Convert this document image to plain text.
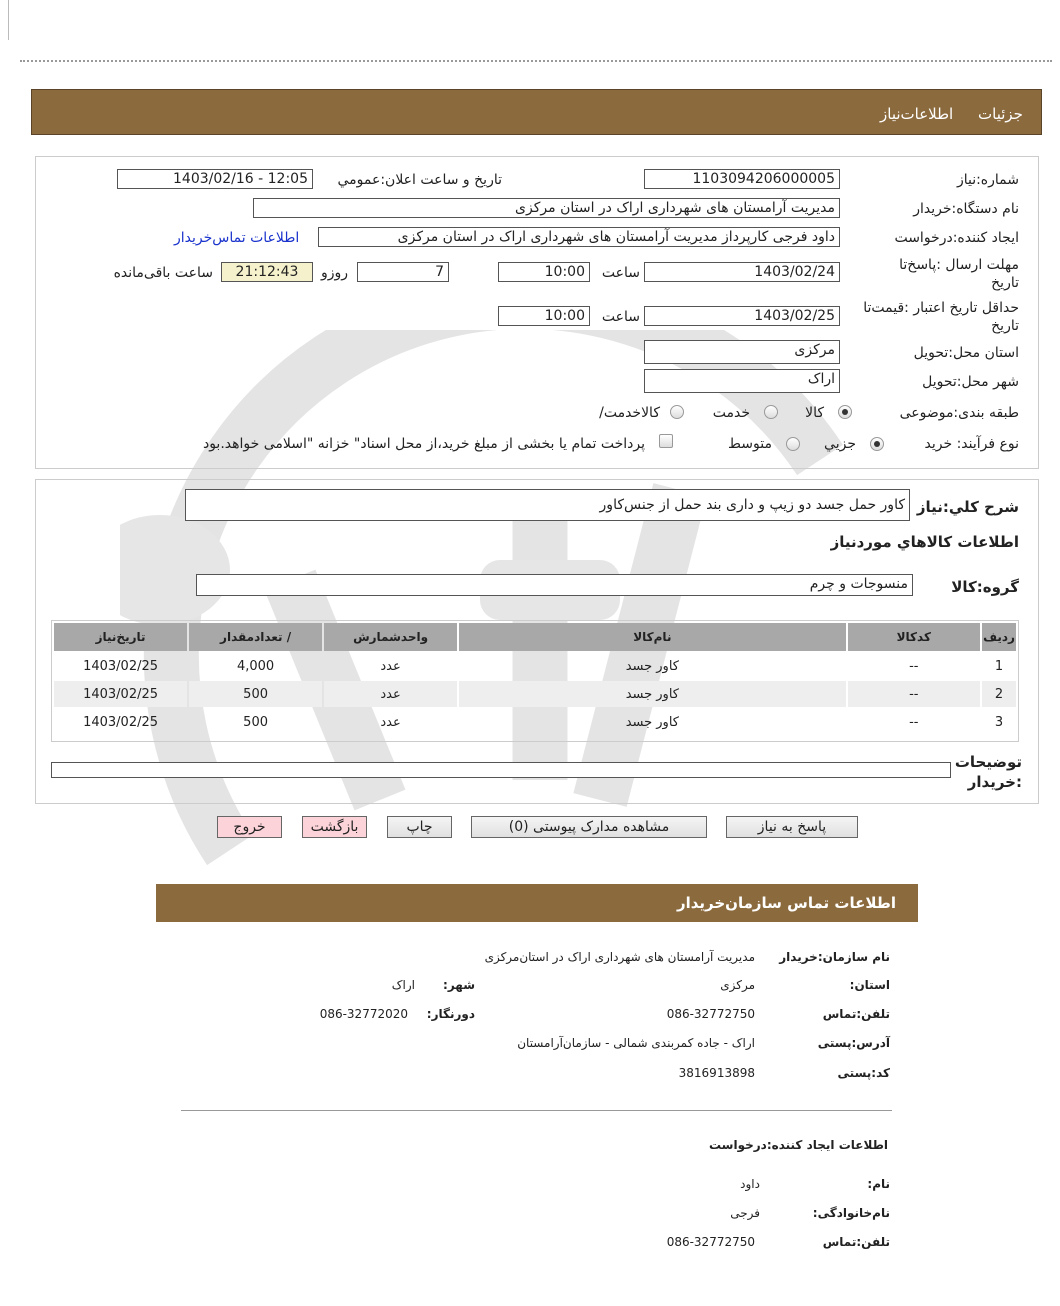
جزئیات
اطلاعات‌نیاز
شماره:نیاز
1103094206000005
تاریخ و ساعت اعلان:عمومي
1403/02/16 - 12:05
نام دستگاه:خریدار
مدیریت آرامستان های شهرداری اراک در استان مرکزی
ایجاد کننده:درخواست
داود فرجی کارپرداز مدیریت آرامستان های شهرداری اراک در استان مرکزی
اطلاعات تماس‌خریدار
مهلت ارسال :پاسخ‌تا تاریخ
1403/02/24
ساعت
10:00
7
روزو
21:12:43
ساعت باقی‌مانده
حداقل تاریخ اعتبار :قیمت‌تا تاریخ
1403/02/25
ساعت
10:00
استان محل:تحویل
مرکزی
شهر محل:تحویل
اراک
طبقه بندی:موضوعی
کالا
خدمت
/کالاخدمت
نوع فرآیند: خرید
جزيي
متوسط
پرداخت تمام یا بخشی از مبلغ خرید،از محل اسناد" خزانه "اسلامی خواهد.بود
شرح کلي:نیاز
کاور حمل جسد دو زیپ و داری بند حمل از جنس‌کاور
اطلاعات كالاهاي موردنیاز
گروه:کالا
منسوجات و چرم
ردیف	کدکالا	نام‌کالا	واحدشمارش	/ تعدادمقدار	تاریخ‌نیاز
1	--	کاور جسد	عدد	4,000	1403/02/25
2	--	کاور جسد	عدد	500	1403/02/25
3	--	کاور جسد	عدد	500	1403/02/25
توضیحات :خریدار
پاسخ به نیاز
مشاهده مدارک پیوستی (0)
چاپ
بازگشت
خروج
اطلاعات تماس سازمان‌خریدار
نام سازمان:خریدار
مدیریت آرامستان های شهرداری اراک در استان‌مرکزی
:استان
مرکزی
:شهر
اراک
تلفن:تماس
086-32772750
:دورنگار
086-32772020
آدرس:پستی
اراک - جاده کمربندی شمالی - سازمان‌آرامستان
کد:پستی
3816913898
اطلاعات ایجاد کننده:درخواست
:نام
داود
:نام‌خانوادگی
فرجی
تلفن:تماس
086-32772750
